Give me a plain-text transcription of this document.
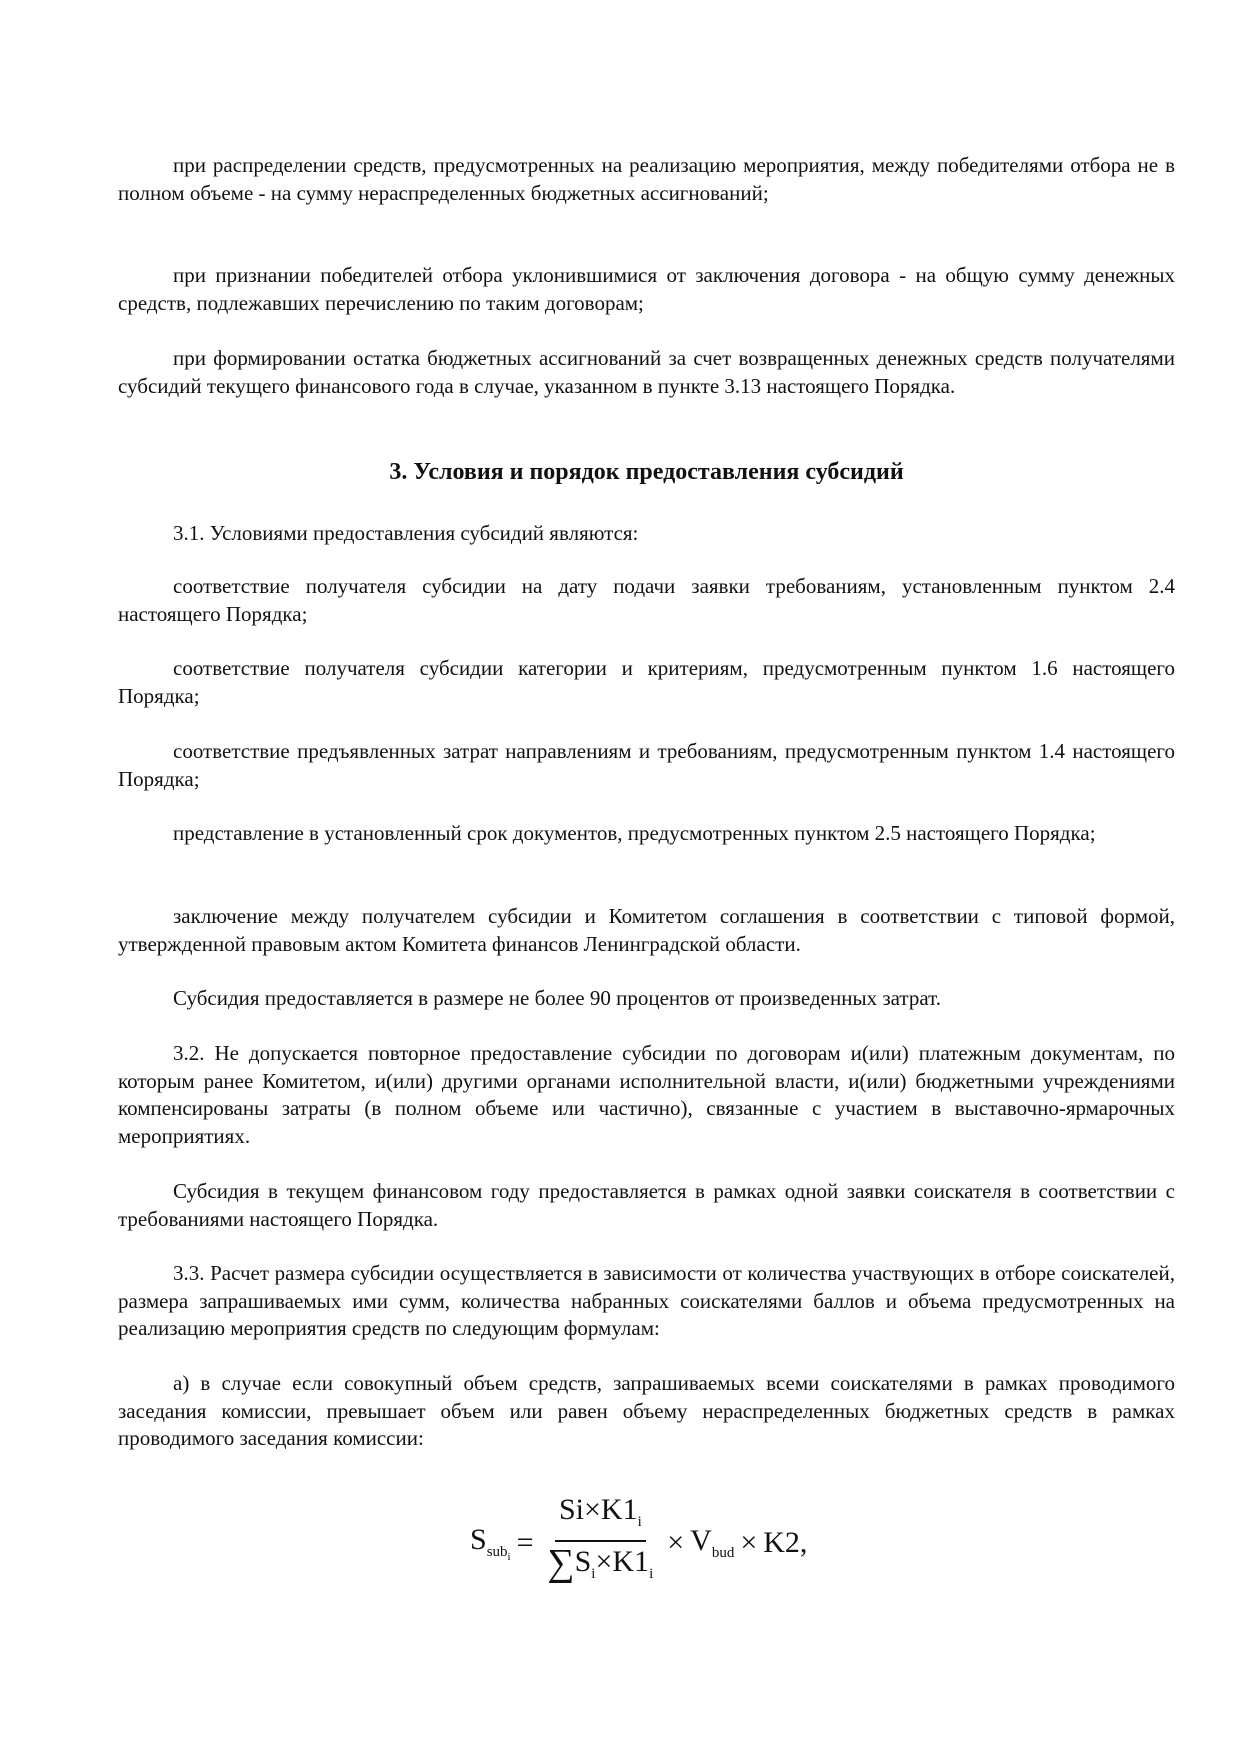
при распределении средств, предусмотренных на реализацию мероприятия, между победителями отбора не в полном объеме - на сумму нераспределенных бюджетных ассигнований;

при признании победителей отбора уклонившимися от заключения договора - на общую сумму денежных средств, подлежавших перечислению по таким договорам;

при формировании остатка бюджетных ассигнований за счет возвращенных денежных средств получателями субсидий текущего финансового года в случае, указанном в пункте 3.13 настоящего Порядка.

3. Условия и порядок предоставления субсидий

3.1. Условиями предоставления субсидий являются:

соответствие получателя субсидии на дату подачи заявки требованиям, установленным пунктом 2.4 настоящего Порядка;

соответствие получателя субсидии категории и критериям, предусмотренным пунктом 1.6 настоящего Порядка;

соответствие предъявленных затрат направлениям и требованиям, предусмотренным пунктом 1.4 настоящего Порядка;

представление в установленный срок документов, предусмотренных пунктом 2.5 настоящего Порядка;

заключение между получателем субсидии и Комитетом соглашения в соответствии с типовой формой, утвержденной правовым актом Комитета финансов Ленинградской области.

Субсидия предоставляется в размере не более 90 процентов от произведенных затрат.

3.2. Не допускается повторное предоставление субсидии по договорам и(или) платежным документам, по которым ранее Комитетом, и(или) другими органами исполнительной власти, и(или) бюджетными учреждениями компенсированы затраты (в полном объеме или частично), связанные с участием в выставочно-ярмарочных мероприятиях.

Субсидия в текущем финансовом году предоставляется в рамках одной заявки соискателя в соответствии с требованиями настоящего Порядка.

3.3. Расчет размера субсидии осуществляется в зависимости от количества участвующих в отборе соискателей, размера запрашиваемых ими сумм, количества набранных соискателями баллов и объема предусмотренных на реализацию мероприятия средств по следующим формулам:

а) в случае если совокупный объем средств, запрашиваемых всеми соискателями в рамках проводимого заседания комиссии, превышает объем или равен объему нераспределенных бюджетных средств в рамках проводимого заседания комиссии:

$S_{sub_i} = \frac{Si\times K1_i}{\sum S_i\times K1_i} \times V_{bud} \times K2$,
